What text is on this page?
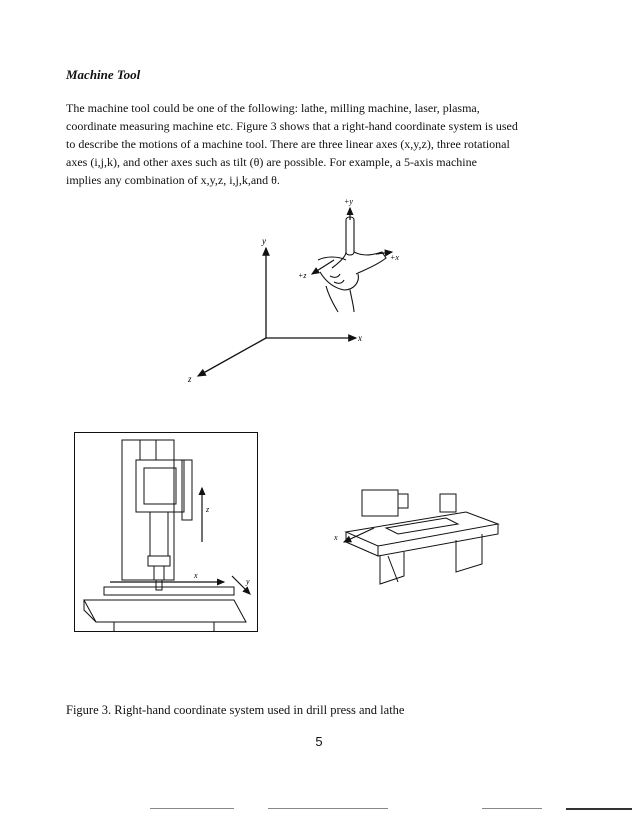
Machine Tool

The machine tool could be one of the following: lathe, milling machine, laser, plasma,
coordinate measuring machine etc. Figure 3 shows that a right-hand coordinate system is used
to describe the motions of a machine tool. There are three linear axes (x,y,z), three rotational
axes (i,j,k), and other axes such as tilt (θ) are possible. For example, a 5-axis machine
implies any combination of x,y,z, i,j,k,and θ.
y
x
z
+y
+x
+z
z
x
y
x

Figure 3. Right-hand coordinate system used in drill press and lathe

5
